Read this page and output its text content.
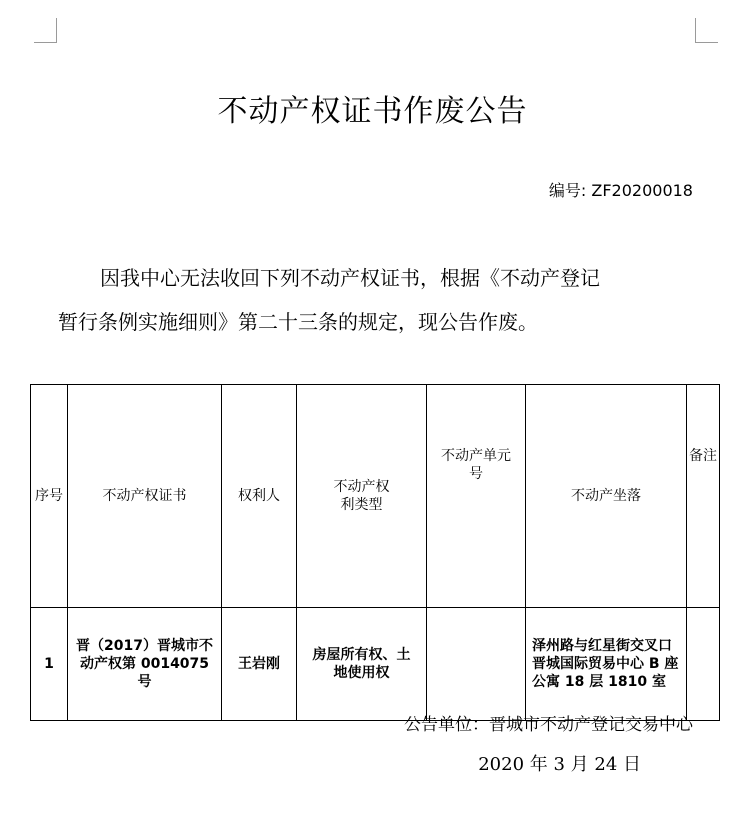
不动产权证书作废公告
编号: ZF20200018
因我中心无法收回下列不动产权证书，根据《不动产登记
暂行条例实施细则》第二十三条的规定，现公告作废。
序号	不动产权证书	权利人	不动产权利类型	不动产单元号	不动产坐落	备注
1	晋（2017）晋城市不动产权第 0014075 号	王岩刚	房屋所有权、土地使用权		泽州路与红星街交叉口晋城国际贸易中心 B 座公寓 18 层 1810 室	
公告单位：晋城市不动产登记交易中心
2020 年 3 月 24 日
